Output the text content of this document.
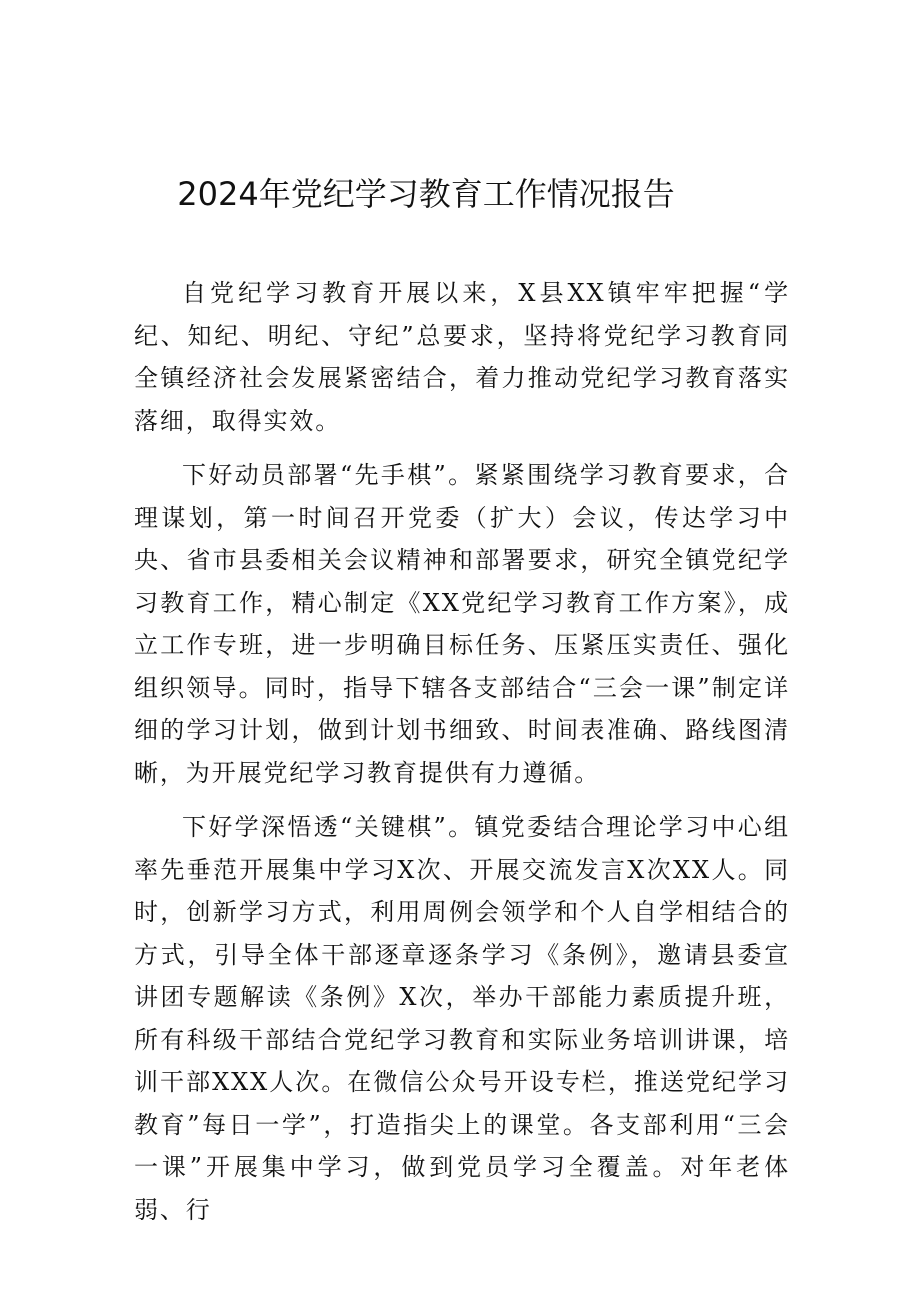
2024年党纪学习教育工作情况报告

自党纪学习教育开展以来，X县XX镇牢牢把握“学纪、知纪、明纪、守纪”总要求，坚持将党纪学习教育同全镇经济社会发展紧密结合，着力推动党纪学习教育落实落细，取得实效。

下好动员部署“先手棋”。紧紧围绕学习教育要求，合理谋划，第一时间召开党委（扩大）会议，传达学习中央、省市县委相关会议精神和部署要求，研究全镇党纪学习教育工作，精心制定《XX党纪学习教育工作方案》，成立工作专班，进一步明确目标任务、压紧压实责任、强化组织领导。同时，指导下辖各支部结合“三会一课”制定详细的学习计划，做到计划书细致、时间表准确、路线图清晰，为开展党纪学习教育提供有力遵循。

下好学深悟透“关键棋”。镇党委结合理论学习中心组率先垂范开展集中学习X次、开展交流发言X次XX人。同时，创新学习方式，利用周例会领学和个人自学相结合的方式，引导全体干部逐章逐条学习《条例》，邀请县委宣讲团专题解读《条例》X次，举办干部能力素质提升班，所有科级干部结合党纪学习教育和实际业务培训讲课，培训干部XXX人次。在微信公众号开设专栏，推送党纪学习教育”每日一学”，打造指尖上的课堂。各支部利用“三会一课”开展集中学习，做到党员学习全覆盖。对年老体弱、行
